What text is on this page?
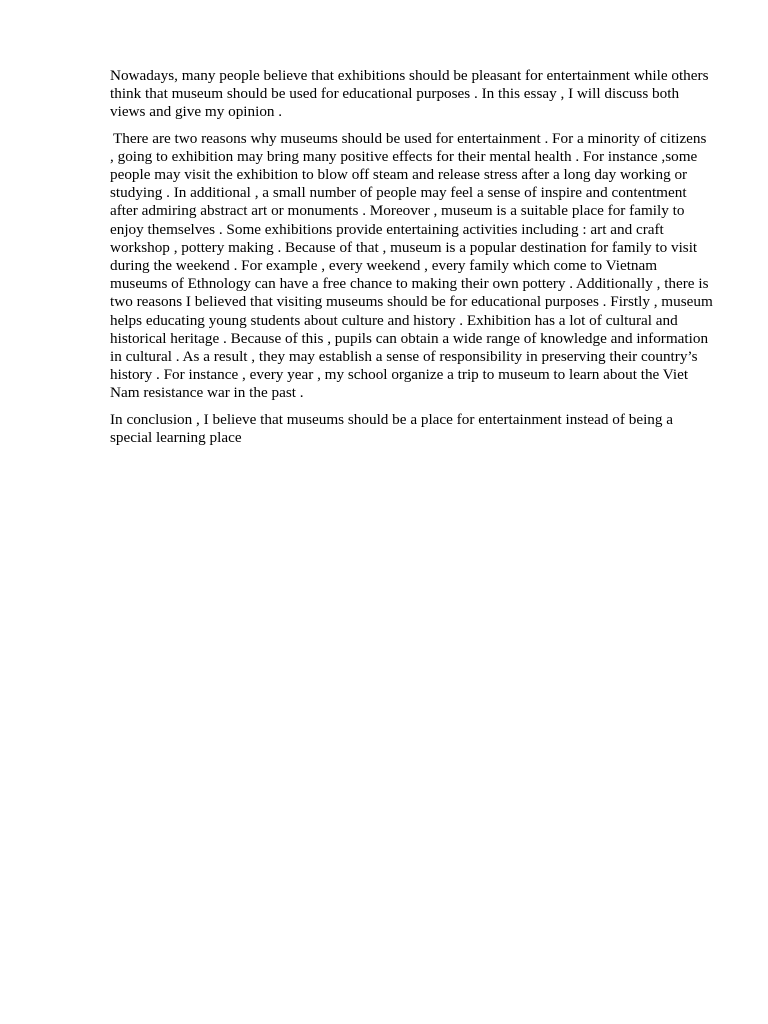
Nowadays, many people believe that exhibitions should be pleasant for entertainment while others think that museum should be used for educational purposes . In this essay , I will discuss both views and give my opinion .

There are two reasons why museums should be used for entertainment . For a minority of citizens , going to exhibition may bring many positive effects for their mental health . For instance ,some people may visit the exhibition to blow off steam and release stress after a long day working or studying . In additional , a small number of people may feel a sense of inspire and contentment after admiring abstract art or monuments . Moreover , museum is a suitable place for family to enjoy themselves . Some exhibitions provide entertaining activities including : art and craft workshop , pottery making . Because of that , museum is a popular destination for family to visit during the weekend . For example , every weekend , every family which come to Vietnam museums of Ethnology can have a free chance to making their own pottery . Additionally , there is two reasons I believed that visiting museums should be for educational purposes . Firstly , museum helps educating young students about culture and history . Exhibition has a lot of cultural and historical heritage . Because of this , pupils can obtain a wide range of knowledge and information in cultural . As a result , they may establish a sense of responsibility in preserving their country’s history . For instance , every year , my school organize a trip to museum to learn about the Viet Nam resistance war in the past .

In conclusion , I believe that museums should be a place for entertainment instead of being a special learning place
